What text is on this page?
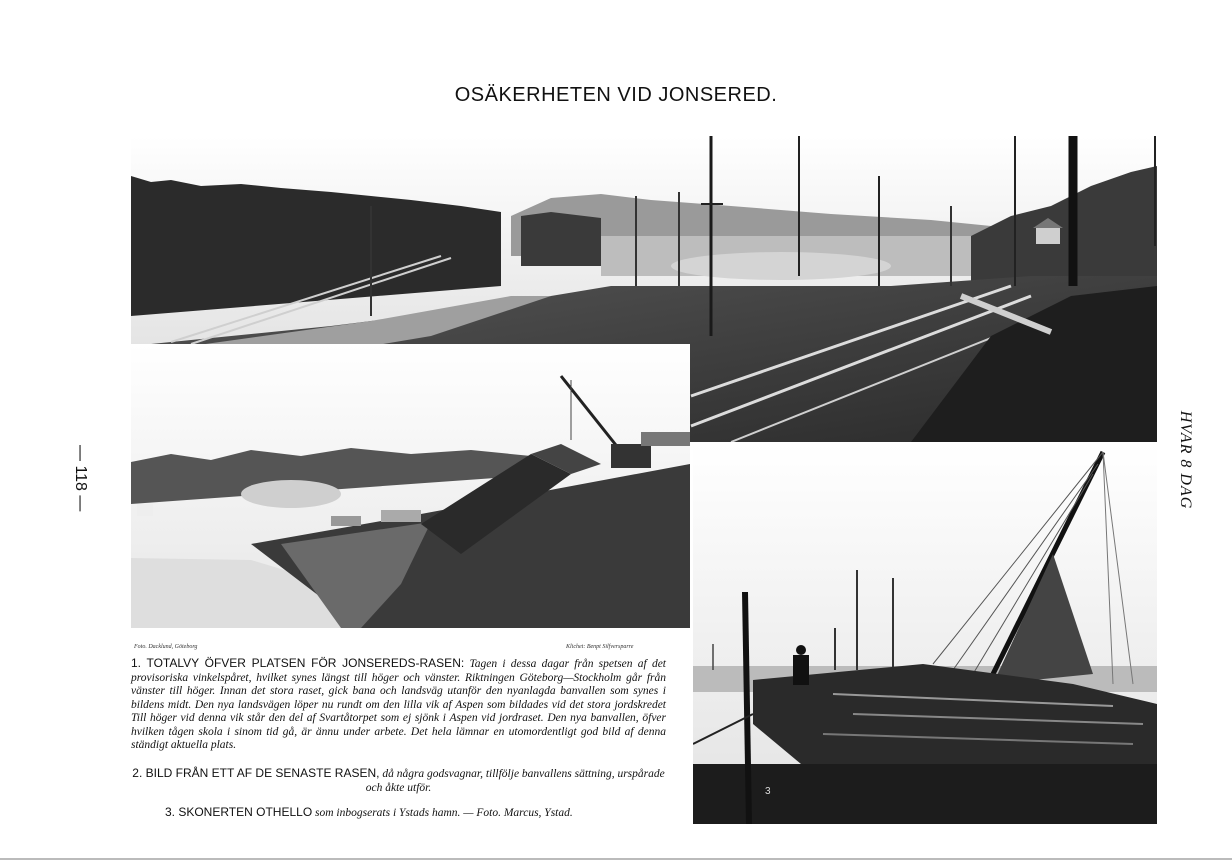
OSÄKERHETEN VID JONSERED.
— 118 —	HVAR 8 DAG
3
Foto. Dacklund, Göteborg	Klichet: Benpt Silfversparre
1. TOTALVY ÖFVER PLATSEN FÖR JONSEREDS-RASEN: Tagen i dessa dagar från spetsen af det provisoriska vinkelspåret, hvilket synes längst till höger och vänster. Riktningen Göteborg—Stockholm går från vänster till höger. Innan det stora raset, gick bana och landsväg utanför den nyanlagda banvallen som synes i bildens midt. Den nya landsvägen löper nu rundt om den lilla vik af Aspen som bildades vid det stora jordskredet Till höger vid denna vik står den del af Svartåtorpet som ej sjönk i Aspen vid jordraset. Den nya banvallen, öfver hvilken tågen skola i sinom tid gå, är ännu under arbete. Det hela lämnar en utomordentligt god bild af denna ständigt aktuella plats.
2. BILD FRÅN ETT AF DE SENASTE RASEN, då några godsvagnar, tillfölje banvallens sättning, urspårade och åkte utför.
3. SKONERTEN OTHELLO som inbogserats i Ystads hamn. — Foto. Marcus, Ystad.
